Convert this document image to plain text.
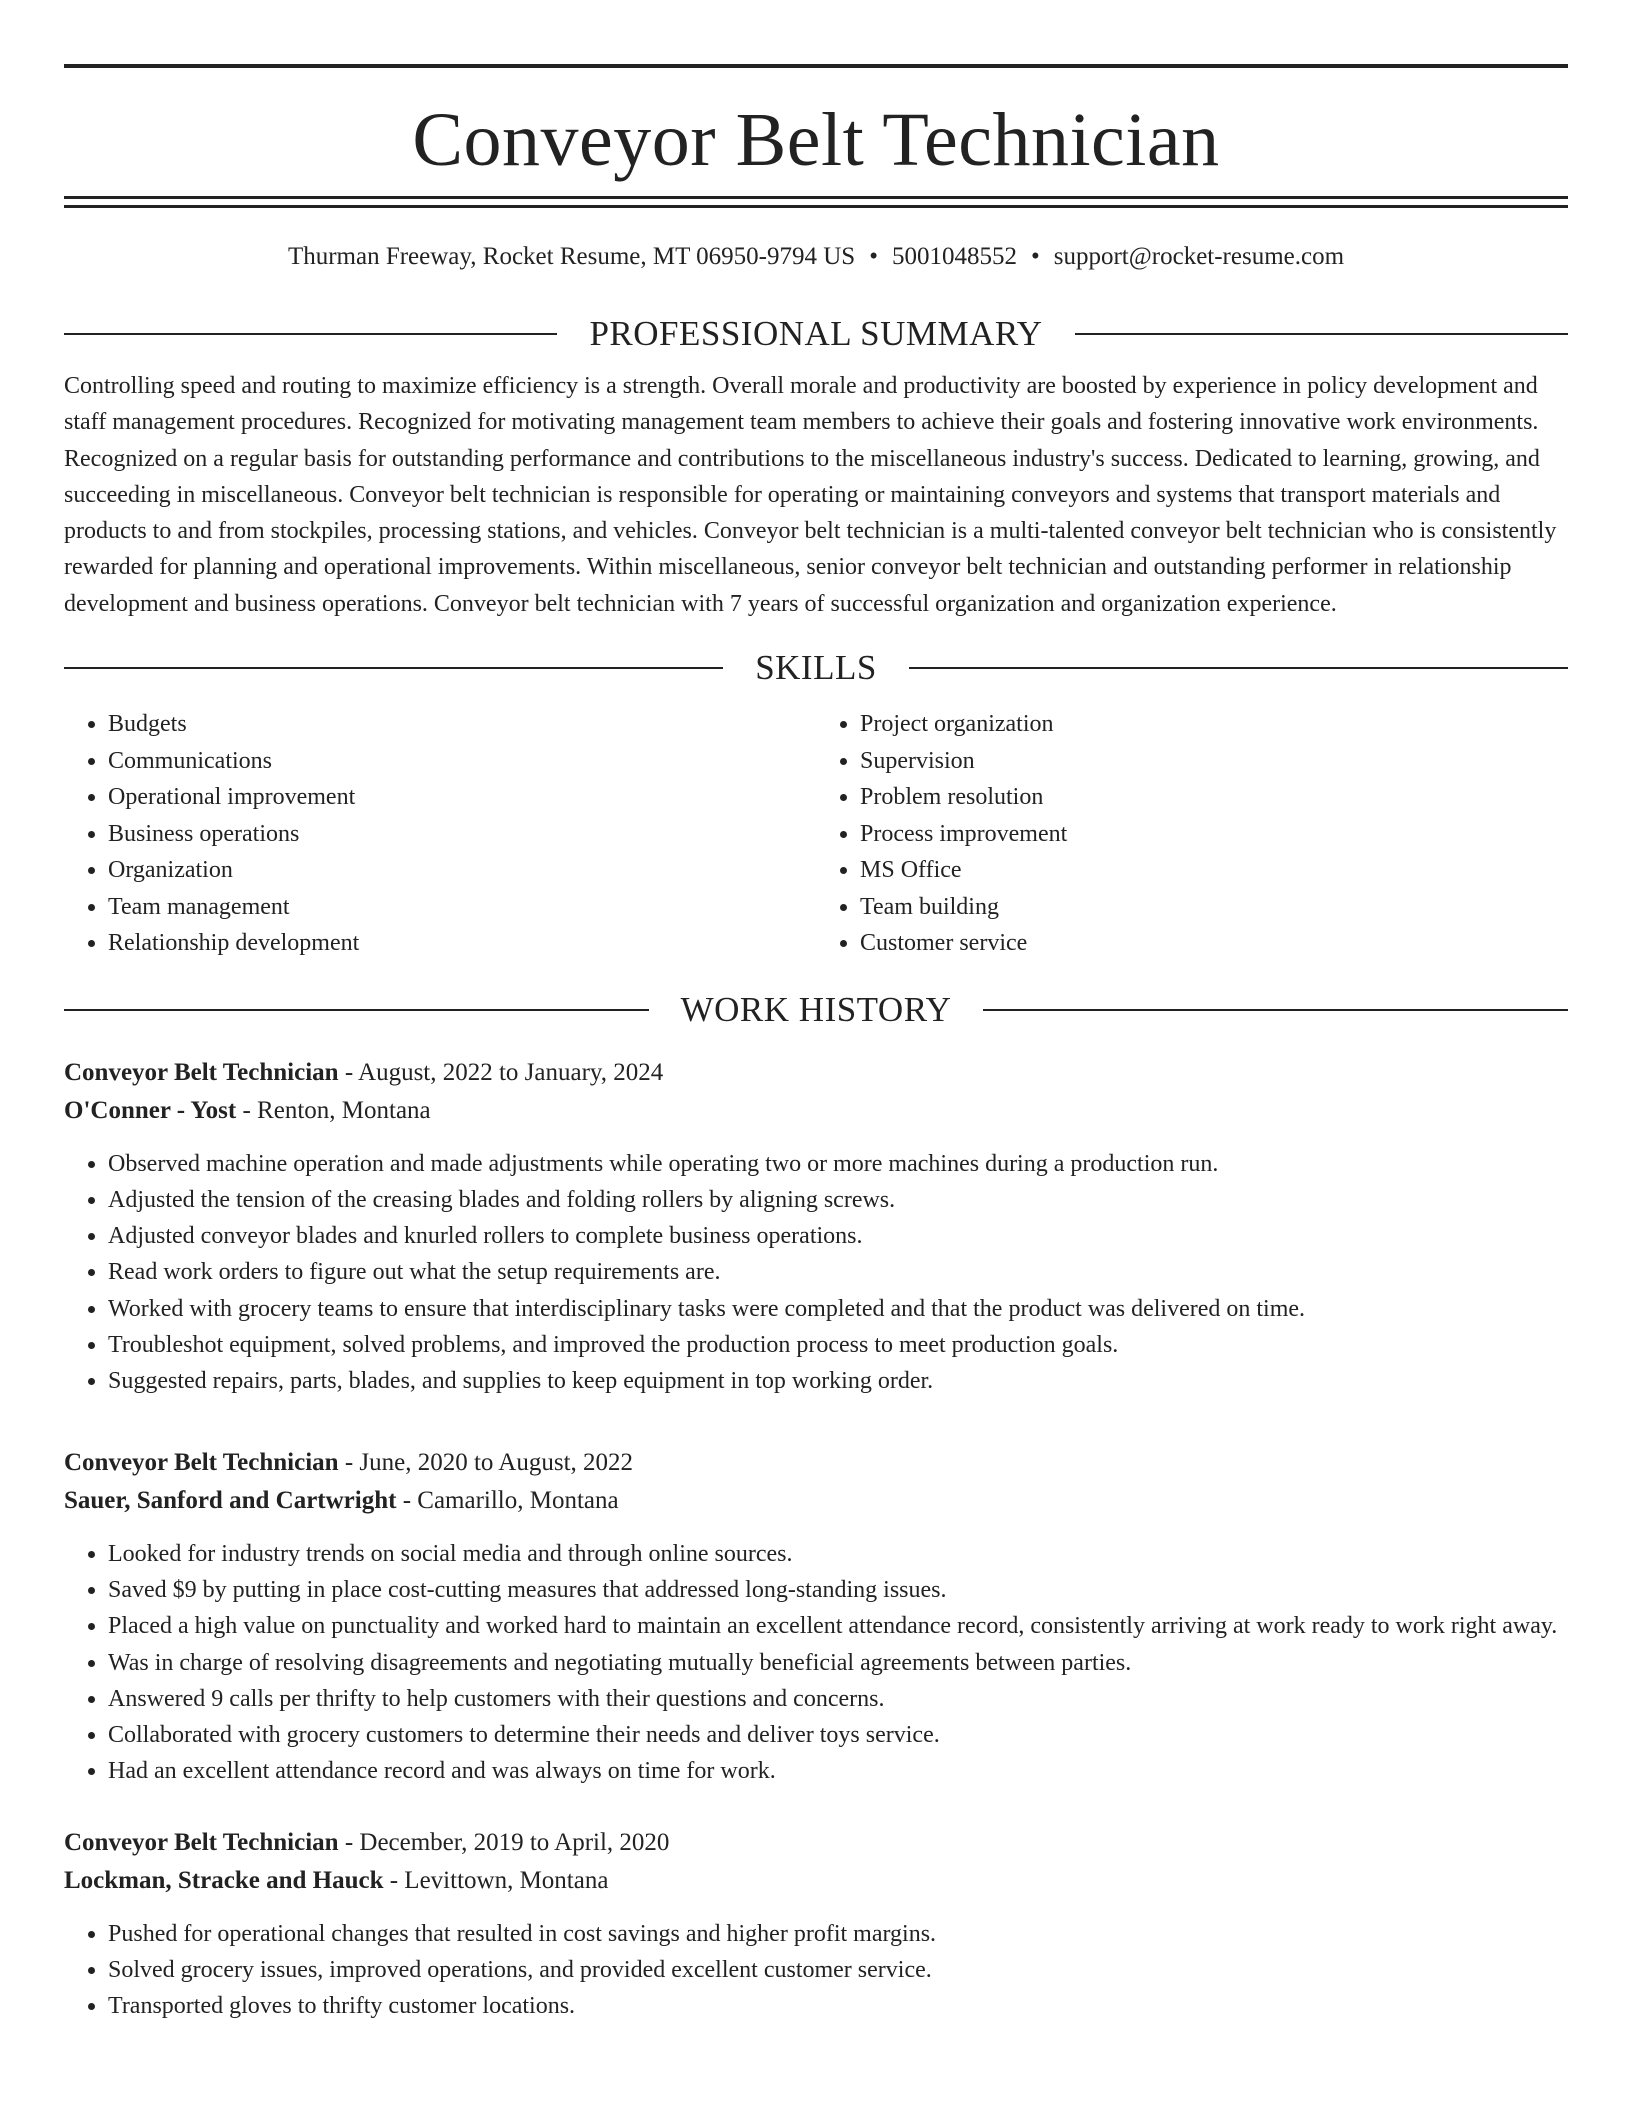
Conveyor Belt Technician
Thurman Freeway, Rocket Resume, MT 06950-9794 US • 5001048552 • support@rocket-resume.com
PROFESSIONAL SUMMARY
Controlling speed and routing to maximize efficiency is a strength. Overall morale and productivity are boosted by experience in policy development and staff management procedures. Recognized for motivating management team members to achieve their goals and fostering innovative work environments. Recognized on a regular basis for outstanding performance and contributions to the miscellaneous industry's success. Dedicated to learning, growing, and succeeding in miscellaneous. Conveyor belt technician is responsible for operating or maintaining conveyors and systems that transport materials and products to and from stockpiles, processing stations, and vehicles. Conveyor belt technician is a multi-talented conveyor belt technician who is consistently rewarded for planning and operational improvements. Within miscellaneous, senior conveyor belt technician and outstanding performer in relationship development and business operations. Conveyor belt technician with 7 years of successful organization and organization experience.
SKILLS
• Budgets
• Communications
• Operational improvement
• Business operations
• Organization
• Team management
• Relationship development
• Project organization
• Supervision
• Problem resolution
• Process improvement
• MS Office
• Team building
• Customer service
WORK HISTORY
Conveyor Belt Technician - August, 2022 to January, 2024
O'Conner - Yost - Renton, Montana
• Observed machine operation and made adjustments while operating two or more machines during a production run.
• Adjusted the tension of the creasing blades and folding rollers by aligning screws.
• Adjusted conveyor blades and knurled rollers to complete business operations.
• Read work orders to figure out what the setup requirements are.
• Worked with grocery teams to ensure that interdisciplinary tasks were completed and that the product was delivered on time.
• Troubleshot equipment, solved problems, and improved the production process to meet production goals.
• Suggested repairs, parts, blades, and supplies to keep equipment in top working order.
Conveyor Belt Technician - June, 2020 to August, 2022
Sauer, Sanford and Cartwright - Camarillo, Montana
• Looked for industry trends on social media and through online sources.
• Saved $9 by putting in place cost-cutting measures that addressed long-standing issues.
• Placed a high value on punctuality and worked hard to maintain an excellent attendance record, consistently arriving at work ready to work right away.
• Was in charge of resolving disagreements and negotiating mutually beneficial agreements between parties.
• Answered 9 calls per thrifty to help customers with their questions and concerns.
• Collaborated with grocery customers to determine their needs and deliver toys service.
• Had an excellent attendance record and was always on time for work.
Conveyor Belt Technician - December, 2019 to April, 2020
Lockman, Stracke and Hauck - Levittown, Montana
• Pushed for operational changes that resulted in cost savings and higher profit margins.
• Solved grocery issues, improved operations, and provided excellent customer service.
• Transported gloves to thrifty customer locations.
